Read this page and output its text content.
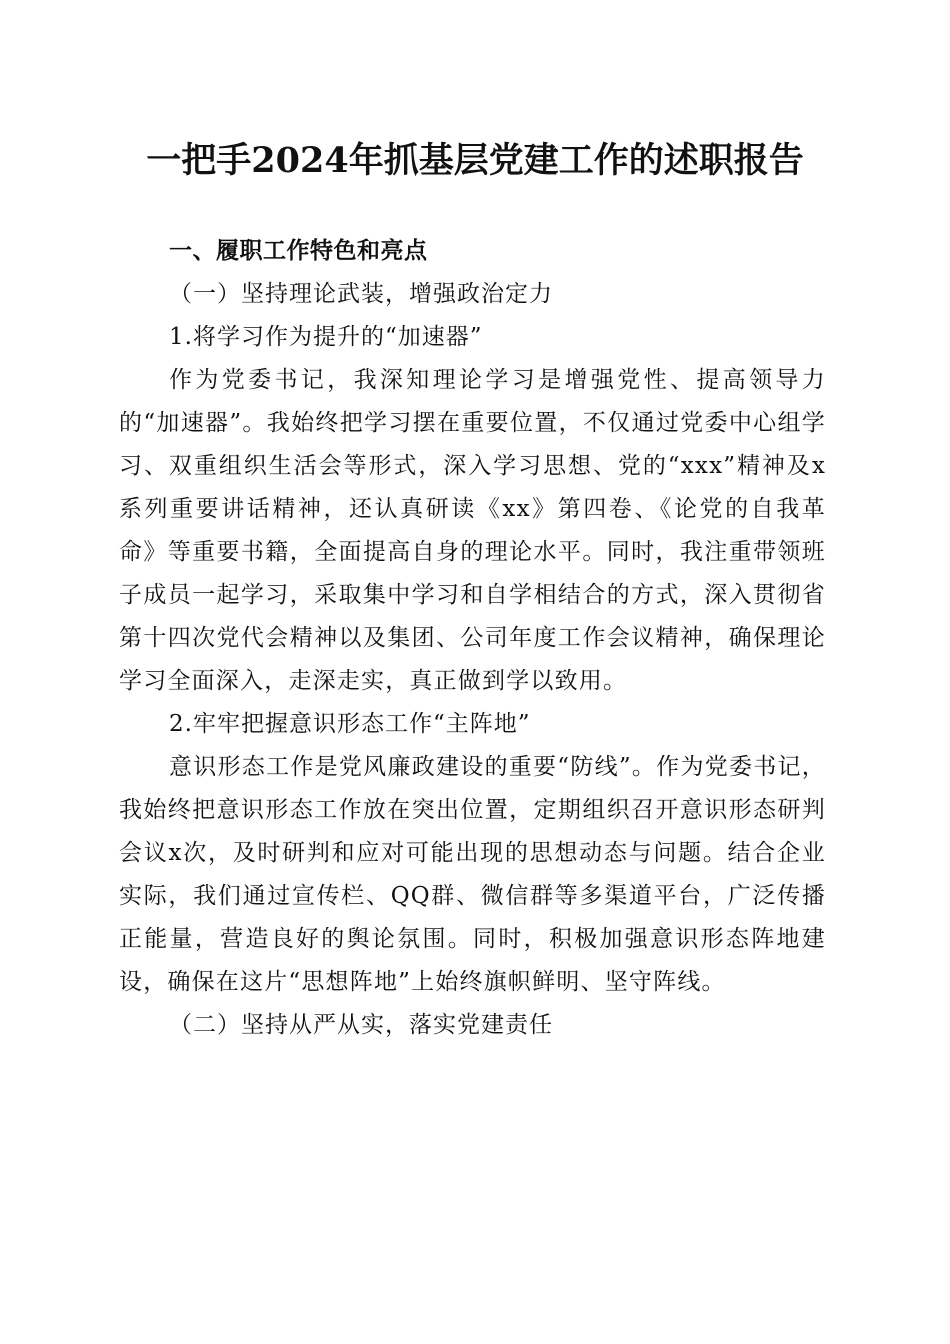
一把手2024年抓基层党建工作的述职报告

一、履职工作特色和亮点

（一）坚持理论武装，增强政治定力

1.将学习作为提升的“加速器”

作为党委书记，我深知理论学习是增强党性、提高领导力的“加速器”。我始终把学习摆在重要位置，不仅通过党委中心组学习、双重组织生活会等形式，深入学习思想、党的“xxx”精神及x系列重要讲话精神，还认真研读《xx》第四卷、《论党的自我革命》等重要书籍，全面提高自身的理论水平。同时，我注重带领班子成员一起学习，采取集中学习和自学相结合的方式，深入贯彻省第十四次党代会精神以及集团、公司年度工作会议精神，确保理论学习全面深入，走深走实，真正做到学以致用。

2.牢牢把握意识形态工作“主阵地”

意识形态工作是党风廉政建设的重要“防线”。作为党委书记，我始终把意识形态工作放在突出位置，定期组织召开意识形态研判会议x次，及时研判和应对可能出现的思想动态与问题。结合企业实际，我们通过宣传栏、QQ群、微信群等多渠道平台，广泛传播正能量，营造良好的舆论氛围。同时，积极加强意识形态阵地建设，确保在这片“思想阵地”上始终旗帜鲜明、坚守阵线。

（二）坚持从严从实，落实党建责任
